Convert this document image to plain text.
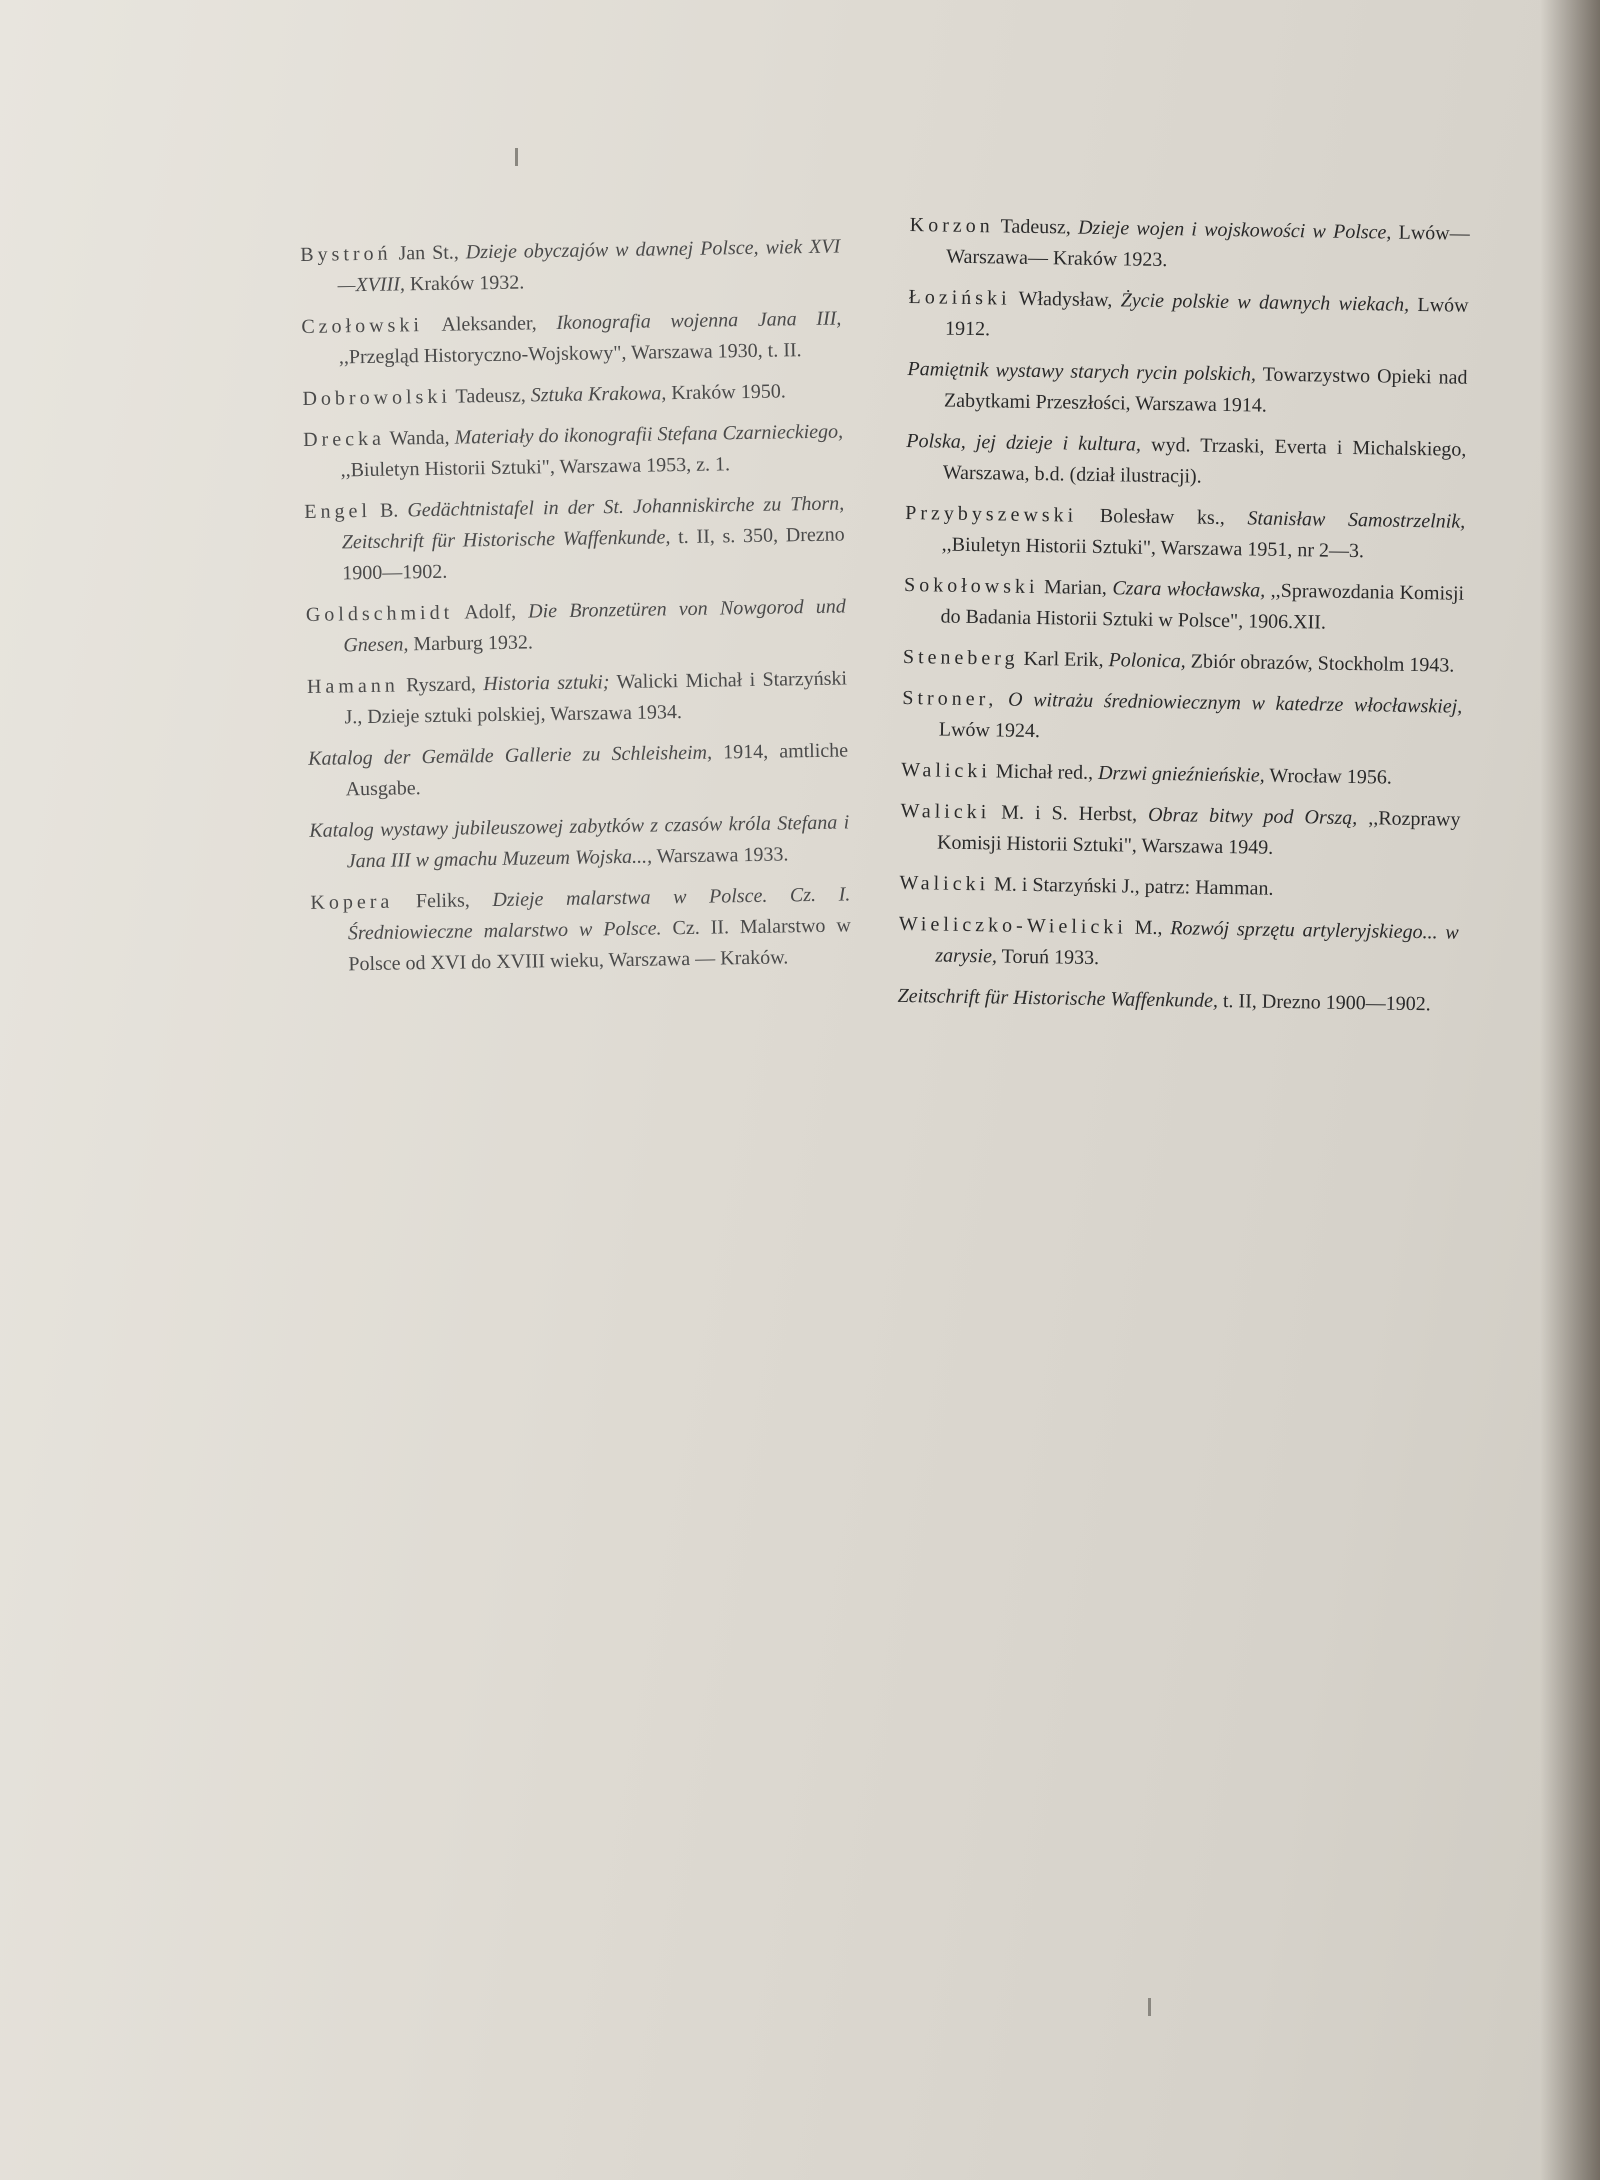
Bystroń Jan St., Dzieje obyczajów w dawnej Polsce, wiek XVI—XVIII, Kraków 1932.

Czołowski Aleksander, Ikonografia wojenna Jana III, ,,Przegląd Historyczno-Wojskowy", Warszawa 1930, t. II.

Dobrowolski Tadeusz, Sztuka Krakowa, Kraków 1950.

Drecka Wanda, Materiały do ikonografii Stefana Czarnieckiego, ,,Biuletyn Historii Sztuki", Warszawa 1953, z. 1.

Engel B. Gedächtnistafel in der St. Johanniskirche zu Thorn, Zeitschrift für Historische Waffenkunde, t. II, s. 350, Drezno 1900—1902.

Goldschmidt Adolf, Die Bronzetüren von Nowgorod und Gnesen, Marburg 1932.

Hamann Ryszard, Historia sztuki; Walicki Michał i Starzyński J., Dzieje sztuki polskiej, Warszawa 1934.

Katalog der Gemälde Gallerie zu Schleisheim, 1914, amtliche Ausgabe.

Katalog wystawy jubileuszowej zabytków z czasów króla Stefana i Jana III w gmachu Muzeum Wojska..., Warszawa 1933.

Kopera Feliks, Dzieje malarstwa w Polsce. Cz. I. Średniowieczne malarstwo w Polsce. Cz. II. Malarstwo w Polsce od XVI do XVIII wieku, Warszawa — Kraków.

Korzon Tadeusz, Dzieje wojen i wojskowości w Polsce, Lwów— Warszawa— Kraków 1923.

Łoziński Władysław, Życie polskie w dawnych wiekach, Lwów 1912.

Pamiętnik wystawy starych rycin polskich, Towarzystwo Opieki nad Zabytkami Przeszłości, Warszawa 1914.

Polska, jej dzieje i kultura, wyd. Trzaski, Everta i Michalskiego, Warszawa, b.d. (dział ilustracji).

Przybyszewski Bolesław ks., Stanisław Samostrzelnik, ,,Biuletyn Historii Sztuki", Warszawa 1951, nr 2—3.

Sokołowski Marian, Czara włocławska, ,,Sprawozdania Komisji do Badania Historii Sztuki w Polsce", 1906.XII.

Steneberg Karl Erik, Polonica, Zbiór obrazów, Stockholm 1943.

Stroner, O witrażu średniowiecznym w katedrze włocławskiej, Lwów 1924.

Walicki Michał red., Drzwi gnieźnieńskie, Wrocław 1956.

Walicki M. i S. Herbst, Obraz bitwy pod Orszą, ,,Rozprawy Komisji Historii Sztuki", Warszawa 1949.

Walicki M. i Starzyński J., patrz: Hamman.

Wieliczko-Wielicki M., Rozwój sprzętu artyleryjskiego... w zarysie, Toruń 1933.

Zeitschrift für Historische Waffenkunde, t. II, Drezno 1900—1902.
